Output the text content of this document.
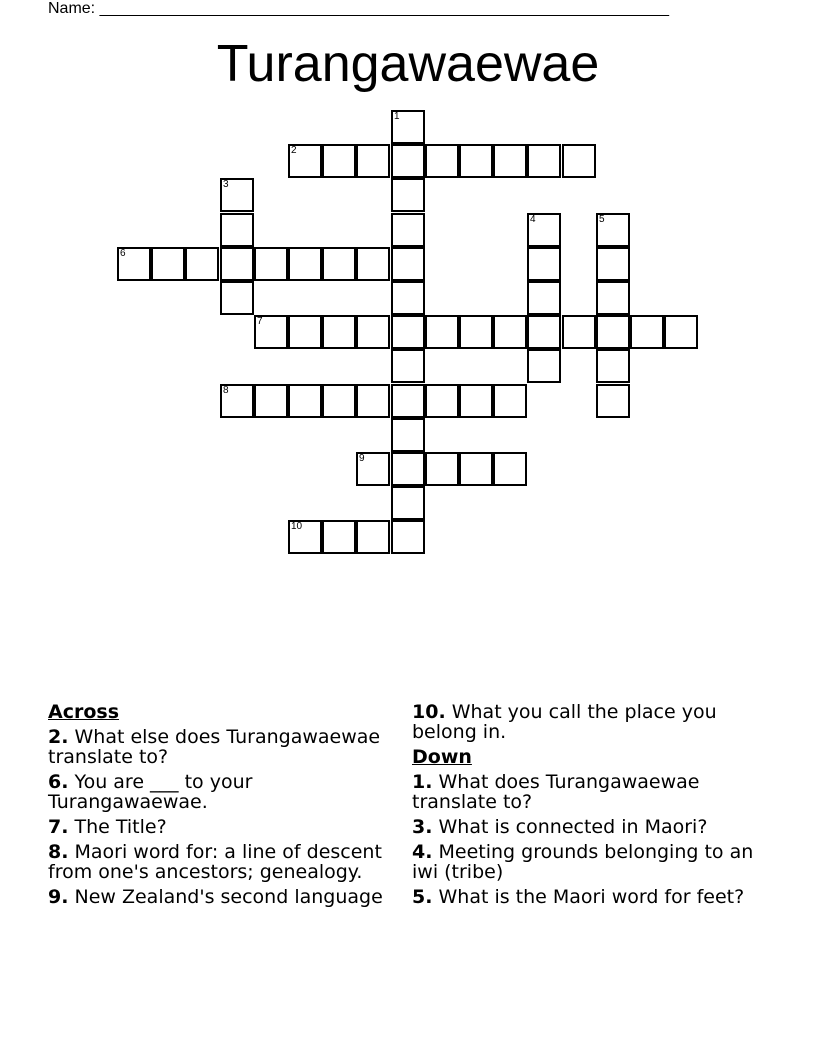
Name: ________________________________________________________________
Turangawaewae
1
2
3
4	5
6
7
8
9
10
Across
2. What else does Turangawaewae translate to?
6. You are ___ to your Turangawaewae.
7. The Title?
8. Maori word for: a line of descent from one's ancestors; genealogy.
9. New Zealand's second language
10. What you call the place you belong in.
Down
1. What does Turangawaewae translate to?
3. What is connected in Maori?
4. Meeting grounds belonging to an iwi (tribe)
5. What is the Maori word for feet?
